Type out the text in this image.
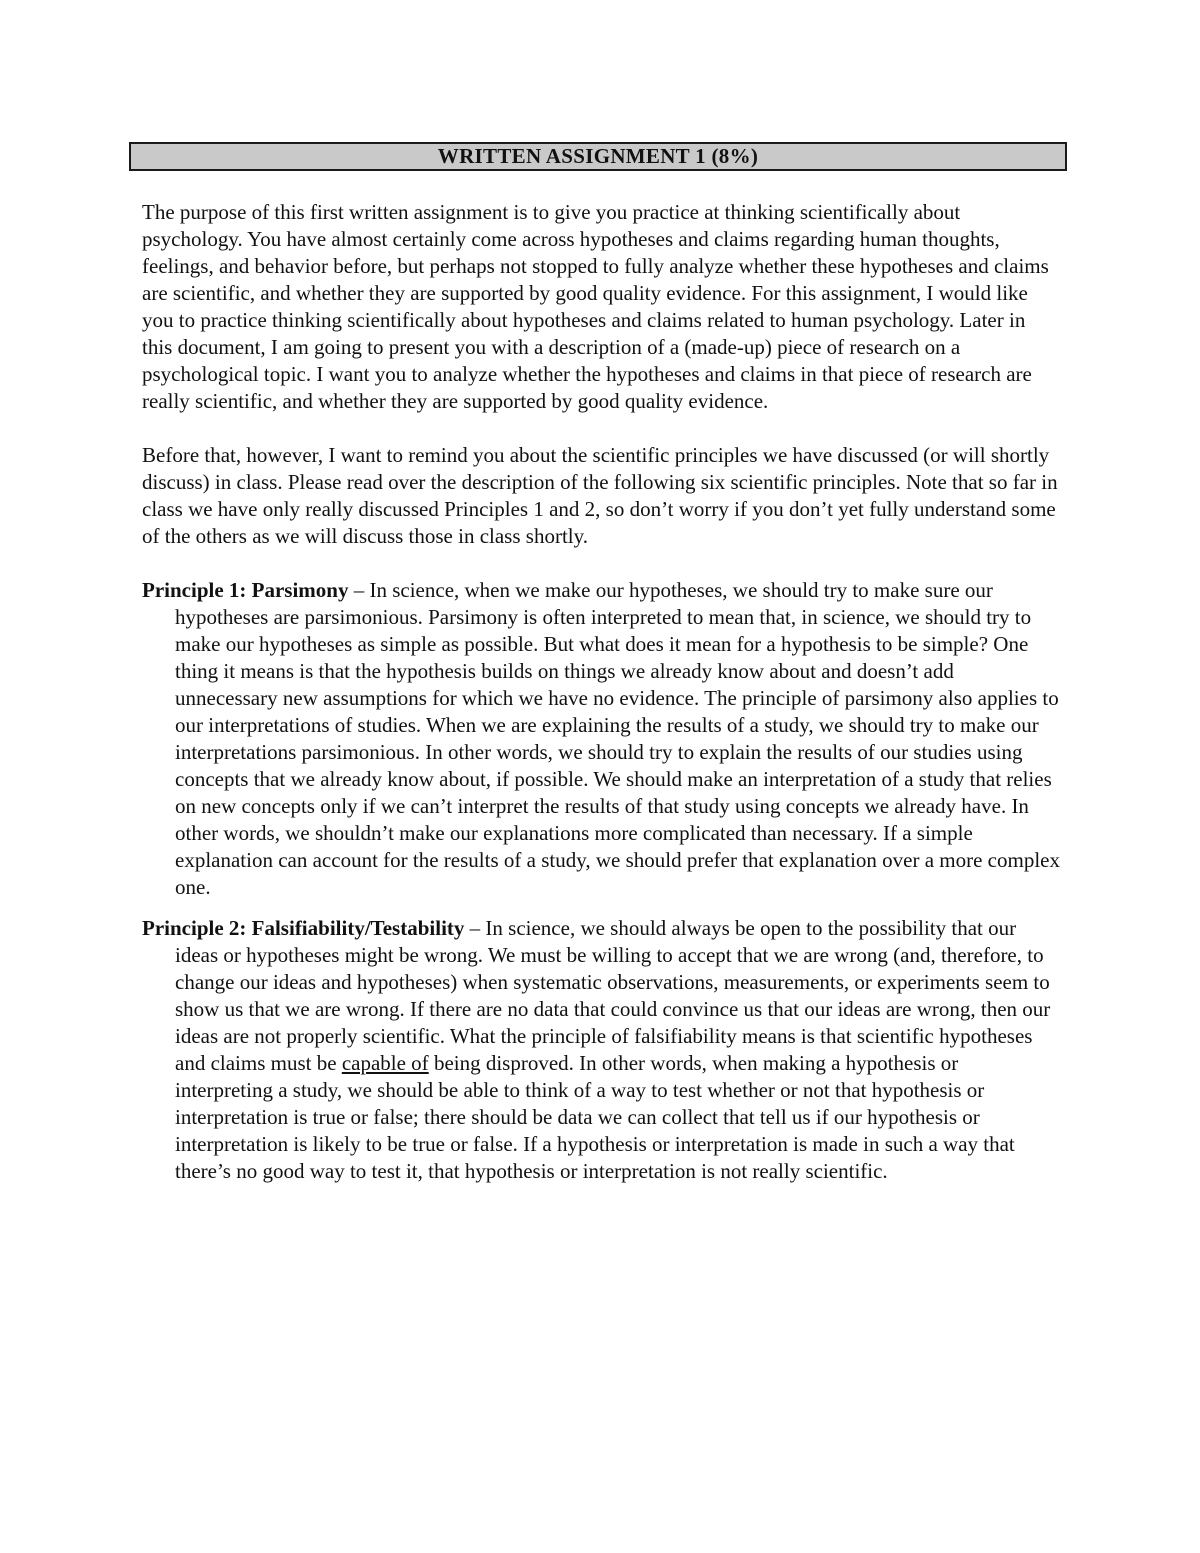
WRITTEN ASSIGNMENT 1 (8%)

The purpose of this first written assignment is to give you practice at thinking scientifically about psychology. You have almost certainly come across hypotheses and claims regarding human thoughts, feelings, and behavior before, but perhaps not stopped to fully analyze whether these hypotheses and claims are scientific, and whether they are supported by good quality evidence. For this assignment, I would like you to practice thinking scientifically about hypotheses and claims related to human psychology. Later in this document, I am going to present you with a description of a (made-up) piece of research on a psychological topic. I want you to analyze whether the hypotheses and claims in that piece of research are really scientific, and whether they are supported by good quality evidence.

Before that, however, I want to remind you about the scientific principles we have discussed (or will shortly discuss) in class. Please read over the description of the following six scientific principles. Note that so far in class we have only really discussed Principles 1 and 2, so don’t worry if you don’t yet fully understand some of the others as we will discuss those in class shortly.

Principle 1: Parsimony – In science, when we make our hypotheses, we should try to make sure our hypotheses are parsimonious. Parsimony is often interpreted to mean that, in science, we should try to make our hypotheses as simple as possible. But what does it mean for a hypothesis to be simple? One thing it means is that the hypothesis builds on things we already know about and doesn’t add unnecessary new assumptions for which we have no evidence. The principle of parsimony also applies to our interpretations of studies. When we are explaining the results of a study, we should try to make our interpretations parsimonious. In other words, we should try to explain the results of our studies using concepts that we already know about, if possible. We should make an interpretation of a study that relies on new concepts only if we can’t interpret the results of that study using concepts we already have. In other words, we shouldn’t make our explanations more complicated than necessary. If a simple explanation can account for the results of a study, we should prefer that explanation over a more complex one.

Principle 2: Falsifiability/Testability – In science, we should always be open to the possibility that our ideas or hypotheses might be wrong. We must be willing to accept that we are wrong (and, therefore, to change our ideas and hypotheses) when systematic observations, measurements, or experiments seem to show us that we are wrong. If there are no data that could convince us that our ideas are wrong, then our ideas are not properly scientific. What the principle of falsifiability means is that scientific hypotheses and claims must be capable of being disproved. In other words, when making a hypothesis or interpreting a study, we should be able to think of a way to test whether or not that hypothesis or interpretation is true or false; there should be data we can collect that tell us if our hypothesis or interpretation is likely to be true or false. If a hypothesis or interpretation is made in such a way that there’s no good way to test it, that hypothesis or interpretation is not really scientific.
